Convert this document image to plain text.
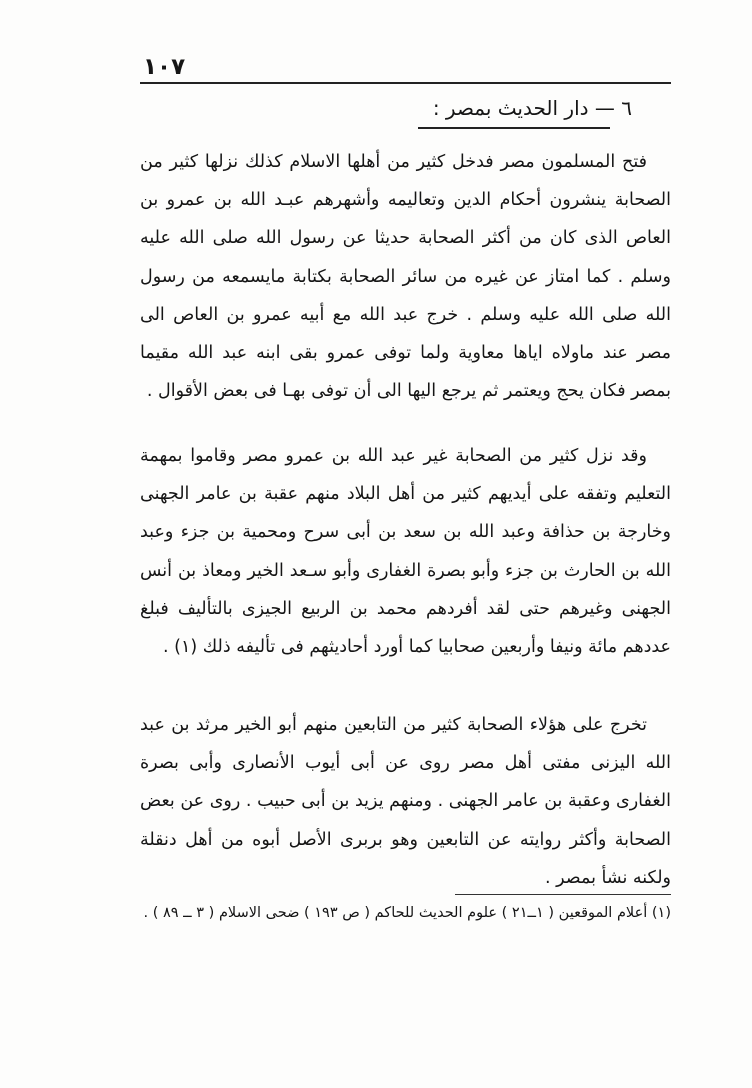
١٠٧
٦ — دار الحديث بمصر :

فتح المسلمون مصر فدخل كثير من أهلها الاسلام كذلك نزلها كثير من الصحابة ينشرون أحكام الدين وتعاليمه وأشهرهم عبـد الله بن عمرو بن العاص الذى كان من أكثر الصحابة حديثا عن رسول الله صلى الله عليه وسلم . كما امتاز عن غيره من سائر الصحابة بكتابة مايسمعه من رسول الله صلى الله عليه وسلم . خرج عبد الله مع أبيه عمرو بن العاص الى مصر عند ماولاه اياها معاوية ولما توفى عمرو بقى ابنه عبد الله مقيما بمصر فكان يحج ويعتمر ثم يرجع اليها الى أن توفى بهـا فى بعض الأقوال .

وقد نزل كثير من الصحابة غير عبد الله بن عمرو مصر وقاموا بمهمة التعليم وتفقه على أيديهم كثير من أهل البلاد منهم عقبة بن عامر الجهنى وخارجة بن حذافة وعبد الله بن سعد بن أبى سرح ومحمية بن جزء وعبد الله بن الحارث بن جزء وأبو بصرة الغفارى وأبو سـعد الخير ومعاذ بن أنس الجهنى وغيرهم حتى لقد أفردهم محمد بن الربيع الجيزى بالتأليف فبلغ عددهم مائة ونيفا وأربعين صحابيا كما أورد أحاديثهم فى تأليفه ذلك (١) .

تخرج على هؤلاء الصحابة كثير من التابعين منهم أبو الخير مرثد بن عبد الله اليزنى مفتى أهل مصر روى عن أبى أيوب الأنصارى وأبى بصرة الغفارى وعقبة بن عامر الجهنى . ومنهم يزيد بن أبى حبيب . روى عن بعض الصحابة وأكثر روايته عن التابعين وهو بربرى الأصل أبوه من أهل دنقلة ولكنه نشأ بمصر .

(١) أعلام الموقعين ( ١ــ٢١ ) علوم الحديث للحاكم ( ص ١٩٣ ) ضحى الاسلام ( ٣ ــ ٨٩ ) .
